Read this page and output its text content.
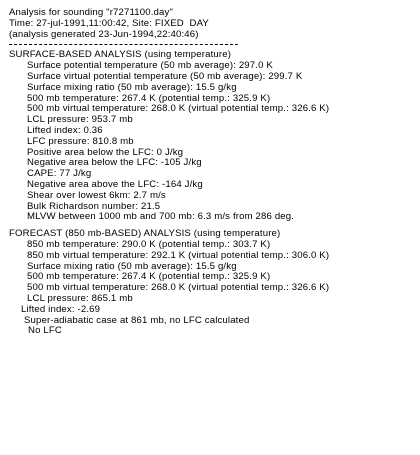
Analysis for sounding "r7271100.day"
Time: 27-jul-1991,11:00:42, Site: FIXED  DAY
(analysis generated 23-Jun-1994,22:40:46)
SURFACE-BASED ANALYSIS (using temperature)
Surface potential temperature (50 mb average): 297.0 K
Surface virtual potential temperature (50 mb average): 299.7 K
Surface mixing ratio (50 mb average): 15.5 g/kg
500 mb temperature: 267.4 K (potential temp.: 325.9 K)
500 mb virtual temperature: 268.0 K (virtual potential temp.: 326.6 K)
LCL pressure: 953.7 mb
Lifted index: 0.36
LFC pressure: 810.8 mb
Positive area below the LFC: 0 J/kg
Negative area below the LFC: -105 J/kg
CAPE: 77 J/kg
Negative area above the LFC: -164 J/kg
Shear over lowest 6km: 2.7 m/s
Bulk Richardson number: 21.5
MLVW between 1000 mb and 700 mb: 6.3 m/s from 286 deg.
FORECAST (850 mb-BASED) ANALYSIS (using temperature)
850 mb temperature: 290.0 K (potential temp.: 303.7 K)
850 mb virtual temperature: 292.1 K (virtual potential temp.: 306.0 K)
Surface mixing ratio (50 mb average): 15.5 g/kg
500 mb temperature: 267.4 K (potential temp.: 325.9 K)
500 mb virtual temperature: 268.0 K (virtual potential temp.: 326.6 K)
LCL pressure: 865.1 mb
Lifted index: -2.69
Super-adiabatic case at 861 mb, no LFC calculated
No LFC
